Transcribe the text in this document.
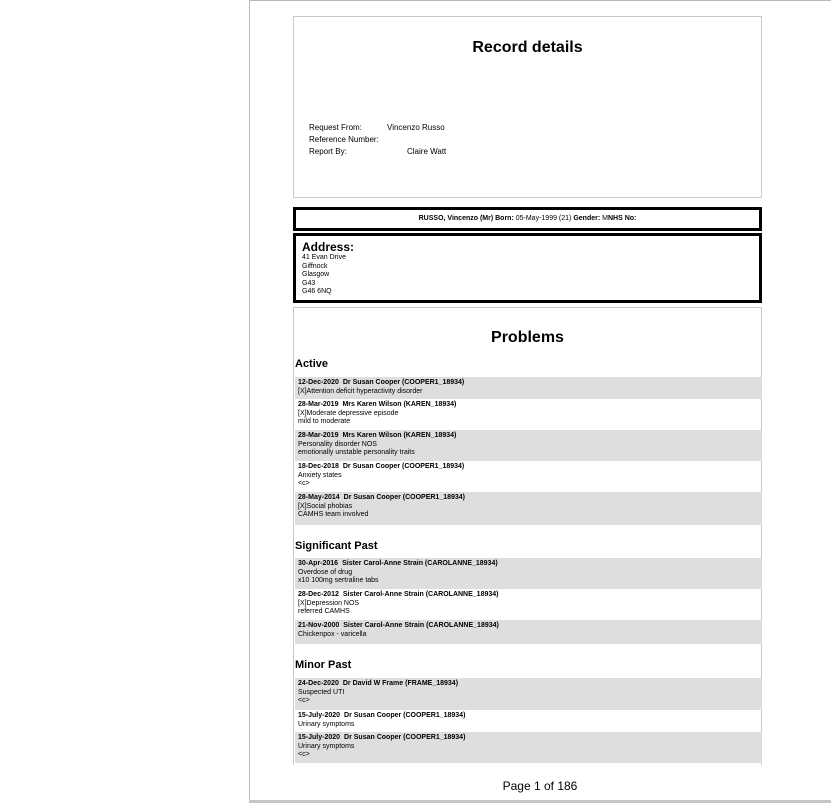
Record details
Request From:	Vincenzo Russo
Reference Number:
Report By:	Claire Watt
RUSSO, Vincenzo (Mr) Born: 05-May-1999 (21) Gender: MNHS No:
Address:
41 Evan Drive
Giffnock
Glasgow
G43
G46 6NQ
Problems
Active
12-Dec-2020 Dr Susan Cooper (COOPER1_18934)
[X]Attention deficit hyperactivity disorder
28-Mar-2019 Mrs Karen Wilson (KAREN_18934)
[X]Moderate depressive episode
mild to moderate
28-Mar-2019 Mrs Karen Wilson (KAREN_18934)
Personality disorder NOS
emotionally unstable personality traits
18-Dec-2018 Dr Susan Cooper (COOPER1_18934)
Anxiety states
<c>
28-May-2014 Dr Susan Cooper (COOPER1_18934)
[X]Social phobias
CAMHS team involved
Significant Past
30-Apr-2016 Sister Carol-Anne Strain (CAROLANNE_18934)
Overdose of drug
x10 100mg sertraline tabs
28-Dec-2012 Sister Carol-Anne Strain (CAROLANNE_18934)
[X]Depression NOS
referred CAMHS
21-Nov-2000 Sister Carol-Anne Strain (CAROLANNE_18934)
Chickenpox - varicella
Minor Past
24-Dec-2020 Dr David W Frame (FRAME_18934)
Suspected UTI
<c>
15-July-2020 Dr Susan Cooper (COOPER1_18934)
Urinary symptoms
15-July-2020 Dr Susan Cooper (COOPER1_18934)
Urinary symptoms
<c>
Page 1 of 186
